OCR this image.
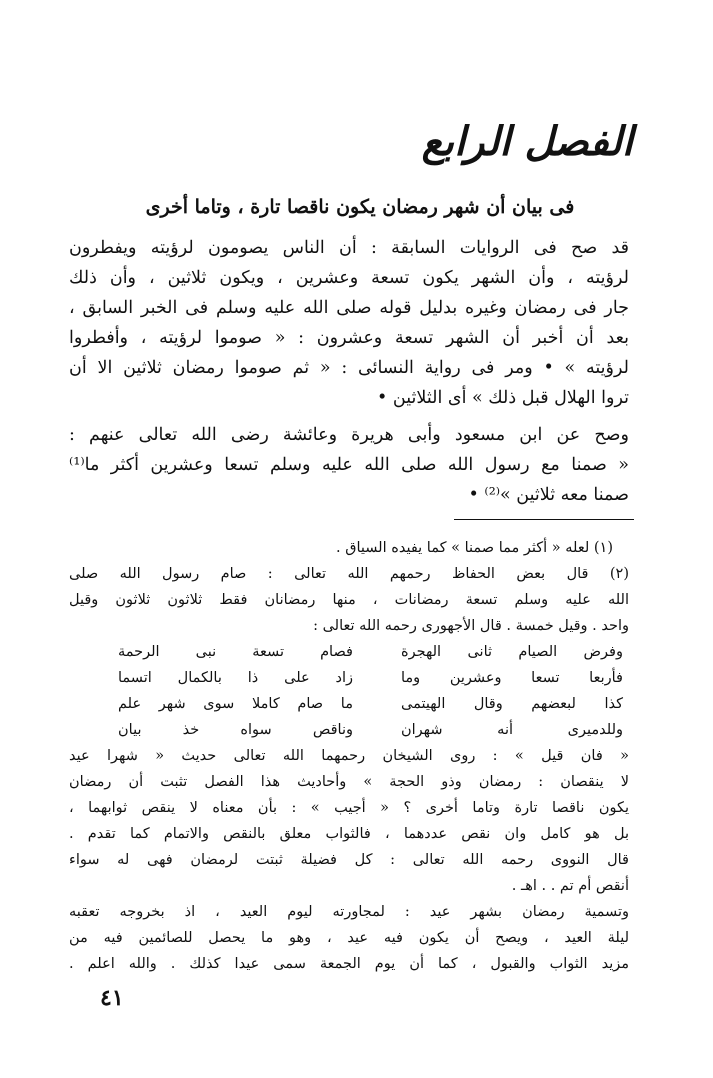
الفصل الرابع
فى بيان أن شهر رمضان يكون ناقصا تارة ، وتاما أخرى
قد صح فى الروايات السابقة : أن الناس يصومون لرؤيته ويفطرون
لرؤيته ، وأن الشهر يكون تسعة وعشرين ، ويكون ثلاثين ، وأن ذلك
جار فى رمضان وغيره بدليل قوله صلى الله عليه وسلم فى الخبر السابق ،
بعد أن أخبر أن الشهر تسعة وعشرون : « صوموا لرؤيته ، وأفطروا
لرؤيته » • ومر فى رواية النسائى : « ثم صوموا رمضان ثلاثين الا أن
تروا الهلال قبل ذلك » أى الثلاثين •
وصح عن ابن مسعود وأبى هريرة وعائشة رضى الله تعالى عنهم :
« صمنا مع رسول الله صلى الله عليه وسلم تسعا وعشرين أكثر ما⁽¹⁾
صمنا معه ثلاثين »⁽²⁾ •
(١) لعله « أكثر مما صمنا » كما يفيده السياق .
(٢) قال بعض الحفاظ رحمهم الله تعالى : صام رسول الله صلى
الله عليه وسلم تسعة رمضانات ، منها رمضانان فقط ثلاثون ثلاثون وقيل
واحد . وقيل خمسة . قال الأجهورى رحمه الله تعالى :
وفرض الصيام ثانى الهجرة
فصام تسعة نبى الرحمة
فأربعا تسعا وعشرين وما
زاد على ذا بالكمال اتسما
كذا لبعضهم وقال الهيتمى
ما صام كاملا سوى شهر علم
وللدميرى أنه شهران
وناقص سواه خذ بيان
« فان قيل » : روى الشيخان رحمهما الله تعالى حديث « شهرا عيد
لا ينقصان : رمضان وذو الحجة » وأحاديث هذا الفصل تثبت أن رمضان
يكون ناقصا تارة وتاما أخرى ؟ « أجيب » : بأن معناه لا ينقص ثوابهما ،
بل هو كامل وان نقص عددهما ، فالثواب معلق بالنقص والاتمام كما تقدم .
قال النووى رحمه الله تعالى : كل فضيلة ثبتت لرمضان فهى له سواء
أنقص أم تم . . اهـ .
وتسمية رمضان بشهر عيد : لمجاورته ليوم العيد ، اذ بخروجه تعقبه
ليلة العيد ، ويصح أن يكون فيه عيد ، وهو ما يحصل للصائمين فيه من
مزيد الثواب والقبول ، كما أن يوم الجمعة سمى عيدا كذلك . والله اعلم .
٤١
